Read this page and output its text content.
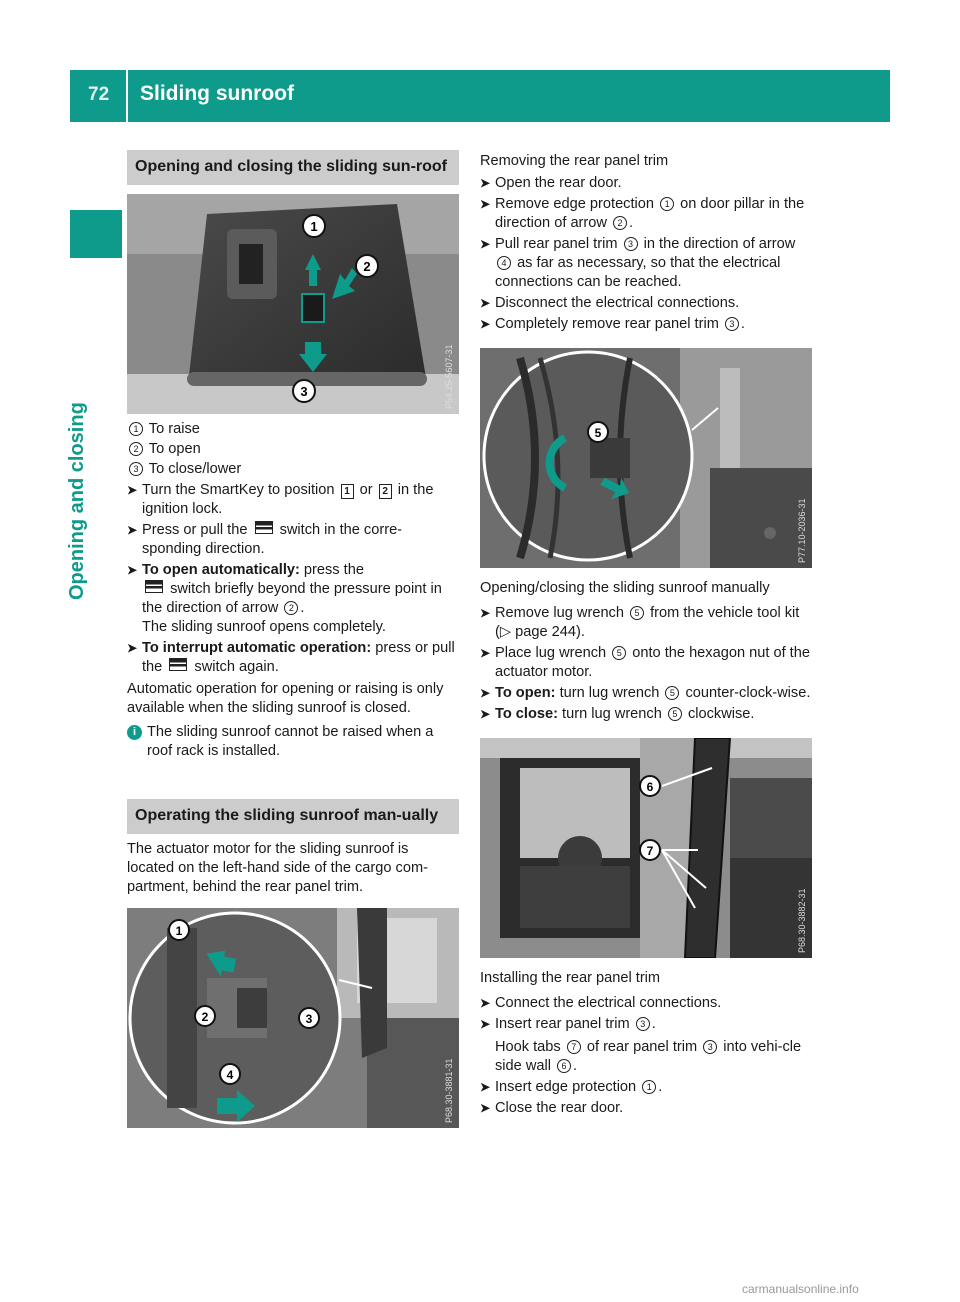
72 Sliding sunroof
Opening and closing
Opening and closing the sliding sun-roof
1
2
3	P54.25-5607-31
1 To raise
2 To open
3 To close/lower
➤ Turn the SmartKey to position 1 or 2 in the ignition lock.
➤ Press or pull the switch in the corre-sponding direction.
➤ To open automatically: press the
switch briefly beyond the pressure point in the direction of arrow 2 .
The sliding sunroof opens completely.
➤ To interrupt automatic operation: press or pull the switch again.
Automatic operation for opening or raising is only available when the sliding sunroof is closed.
i The sliding sunroof cannot be raised when a roof rack is installed.
Operating the sliding sunroof man-ually
The actuator motor for the sliding sunroof is located on the left-hand side of the cargo com-partment, behind the rear panel trim.
1
2	3
4	P68.30-3881-31
Removing the rear panel trim
➤ Open the rear door.
➤ Remove edge protection 1 on door pillar in the direction of arrow 2 .
➤ Pull rear panel trim 3 in the direction of arrow 4 as far as necessary, so that the electrical connections can be reached.
➤ Disconnect the electrical connections.
➤ Completely remove rear panel trim 3 .
5
P77.10-2036-31
Opening/closing the sliding sunroof manually
➤ Remove lug wrench 5 from the vehicle tool kit (▷ page 244).
➤ Place lug wrench 5 onto the hexagon nut of the actuator motor.
➤ To open: turn lug wrench 5 counter-clock-wise.
➤ To close: turn lug wrench 5 clockwise.
6
7
P68.30-3882-31
Installing the rear panel trim
➤ Connect the electrical connections.
➤ Insert rear panel trim 3 .
Hook tabs 7 of rear panel trim 3 into vehi-cle side wall 6 .
➤ Insert edge protection 1 .
➤ Close the rear door.
carmanualsonline.info
